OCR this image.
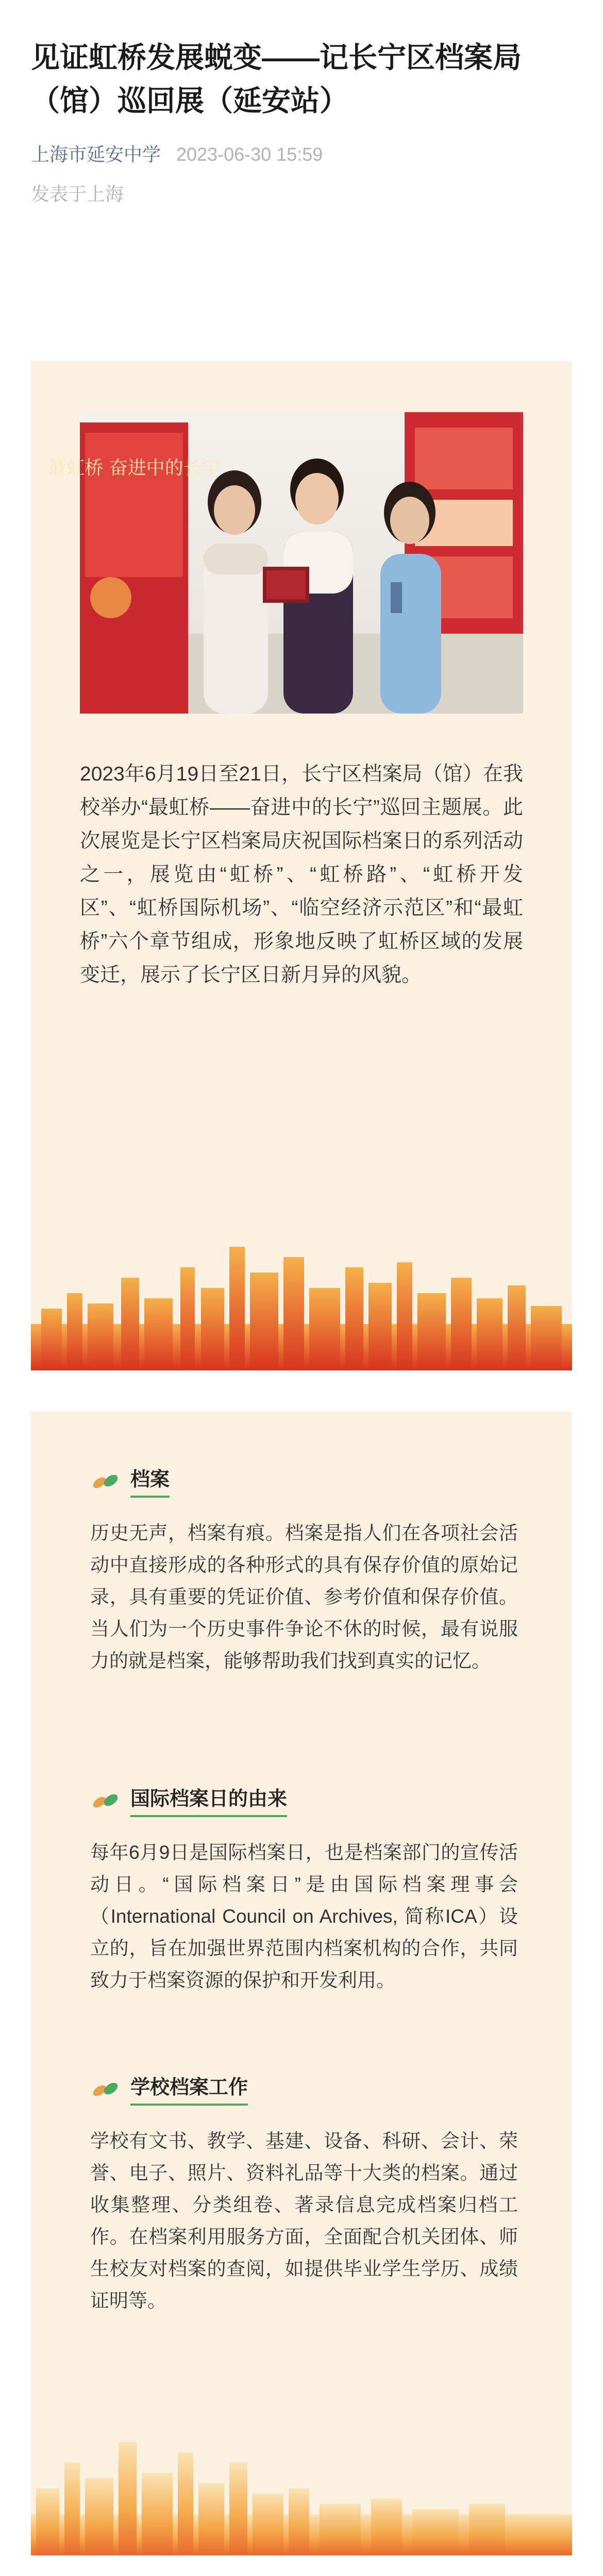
见证虹桥发展蜕变——记长宁区档案局（馆）巡回展（延安站）
上海市延安中学 2023-06-30 15:59
发表于上海
最虹桥 奋进中的长宁

2023年6月19日至21日，长宁区档案局（馆）在我校举办“最虹桥——奋进中的长宁”巡回主题展。此次展览是长宁区档案局庆祝国际档案日的系列活动之一，展览由“虹桥”、“虹桥路”、“虹桥开发区”、“虹桥国际机场”、“临空经济示范区”和“最虹桥”六个章节组成，形象地反映了虹桥区域的发展变迁，展示了长宁区日新月异的风貌。

档案

历史无声，档案有痕。档案是指人们在各项社会活动中直接形成的各种形式的具有保存价值的原始记录，具有重要的凭证价值、参考价值和保存价值。当人们为一个历史事件争论不休的时候，最有说服力的就是档案，能够帮助我们找到真实的记忆。

国际档案日的由来

每年6月9日是国际档案日，也是档案部门的宣传活动日。“国际档案日”是由国际档案理事会（International Council on Archives, 简称ICA）设立的，旨在加强世界范围内档案机构的合作，共同致力于档案资源的保护和开发利用。

学校档案工作

学校有文书、教学、基建、设备、科研、会计、荣誉、电子、照片、资料礼品等十大类的档案。通过收集整理、分类组卷、著录信息完成档案归档工作。在档案利用服务方面，全面配合机关团体、师生校友对档案的查阅，如提供毕业学生学历、成绩证明等。
